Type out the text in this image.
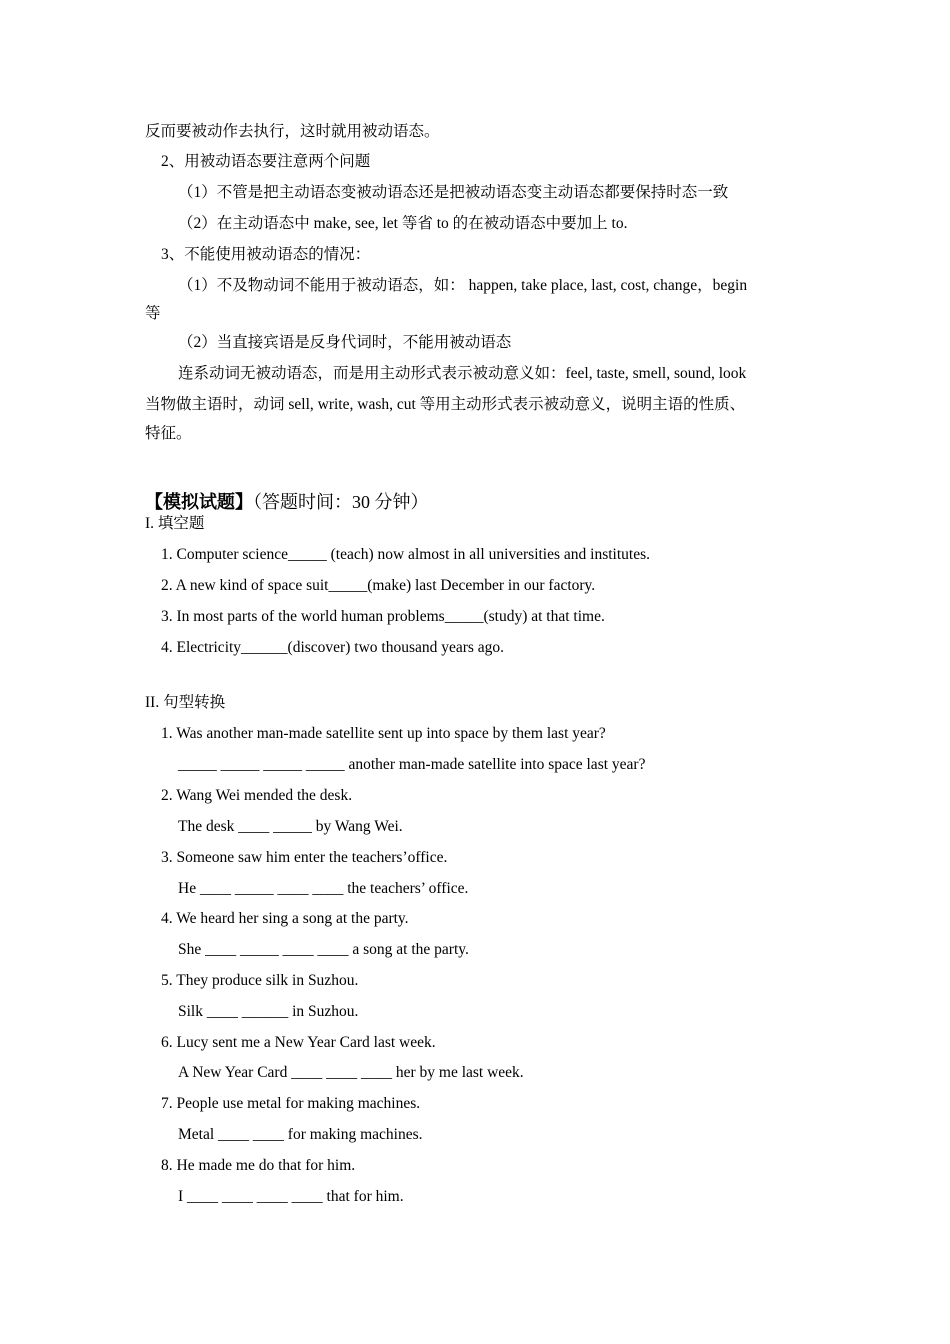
反而要被动作去执行，这时就用被动语态。
2、用被动语态要注意两个问题
（1）不管是把主动语态变被动语态还是把被动语态变主动语态都要保持时态一致
（2）在主动语态中 make, see, let 等省 to 的在被动语态中要加上 to.
3、不能使用被动语态的情况：
（1）不及物动词不能用于被动语态，如： happen, take place, last, cost, change，begin
等
（2）当直接宾语是反身代词时，不能用被动语态
连系动词无被动语态，而是用主动形式表示被动意义如：feel, taste, smell, sound, look
当物做主语时，动词 sell, write, wash, cut 等用主动形式表示被动意义，说明主语的性质、
特征。
【模拟试题】（答题时间：30 分钟）
I. 填空题
1. Computer science_____ (teach) now almost in all universities and institutes.
2. A new kind of space suit_____(make) last December in our factory.
3. In most parts of the world human problems_____(study) at that time.
4. Electricity______(discover) two thousand years ago.
II. 句型转换
1. Was another man-made satellite sent up into space by them last year?
_____ _____ _____ _____ another man-made satellite into space last year?
2. Wang Wei mended the desk.
The desk ____ _____ by Wang Wei.
3. Someone saw him enter the teachers’office.
He ____ _____ ____ ____ the teachers’ office.
4. We heard her sing a song at the party.
She ____ _____ ____ ____ a song at the party.
5. They produce silk in Suzhou.
Silk ____ ______ in Suzhou.
6. Lucy sent me a New Year Card last week.
A New Year Card ____ ____ ____ her by me last week.
7. People use metal for making machines.
Metal ____ ____ for making machines.
8. He made me do that for him.
I ____ ____ ____ ____ that for him.
